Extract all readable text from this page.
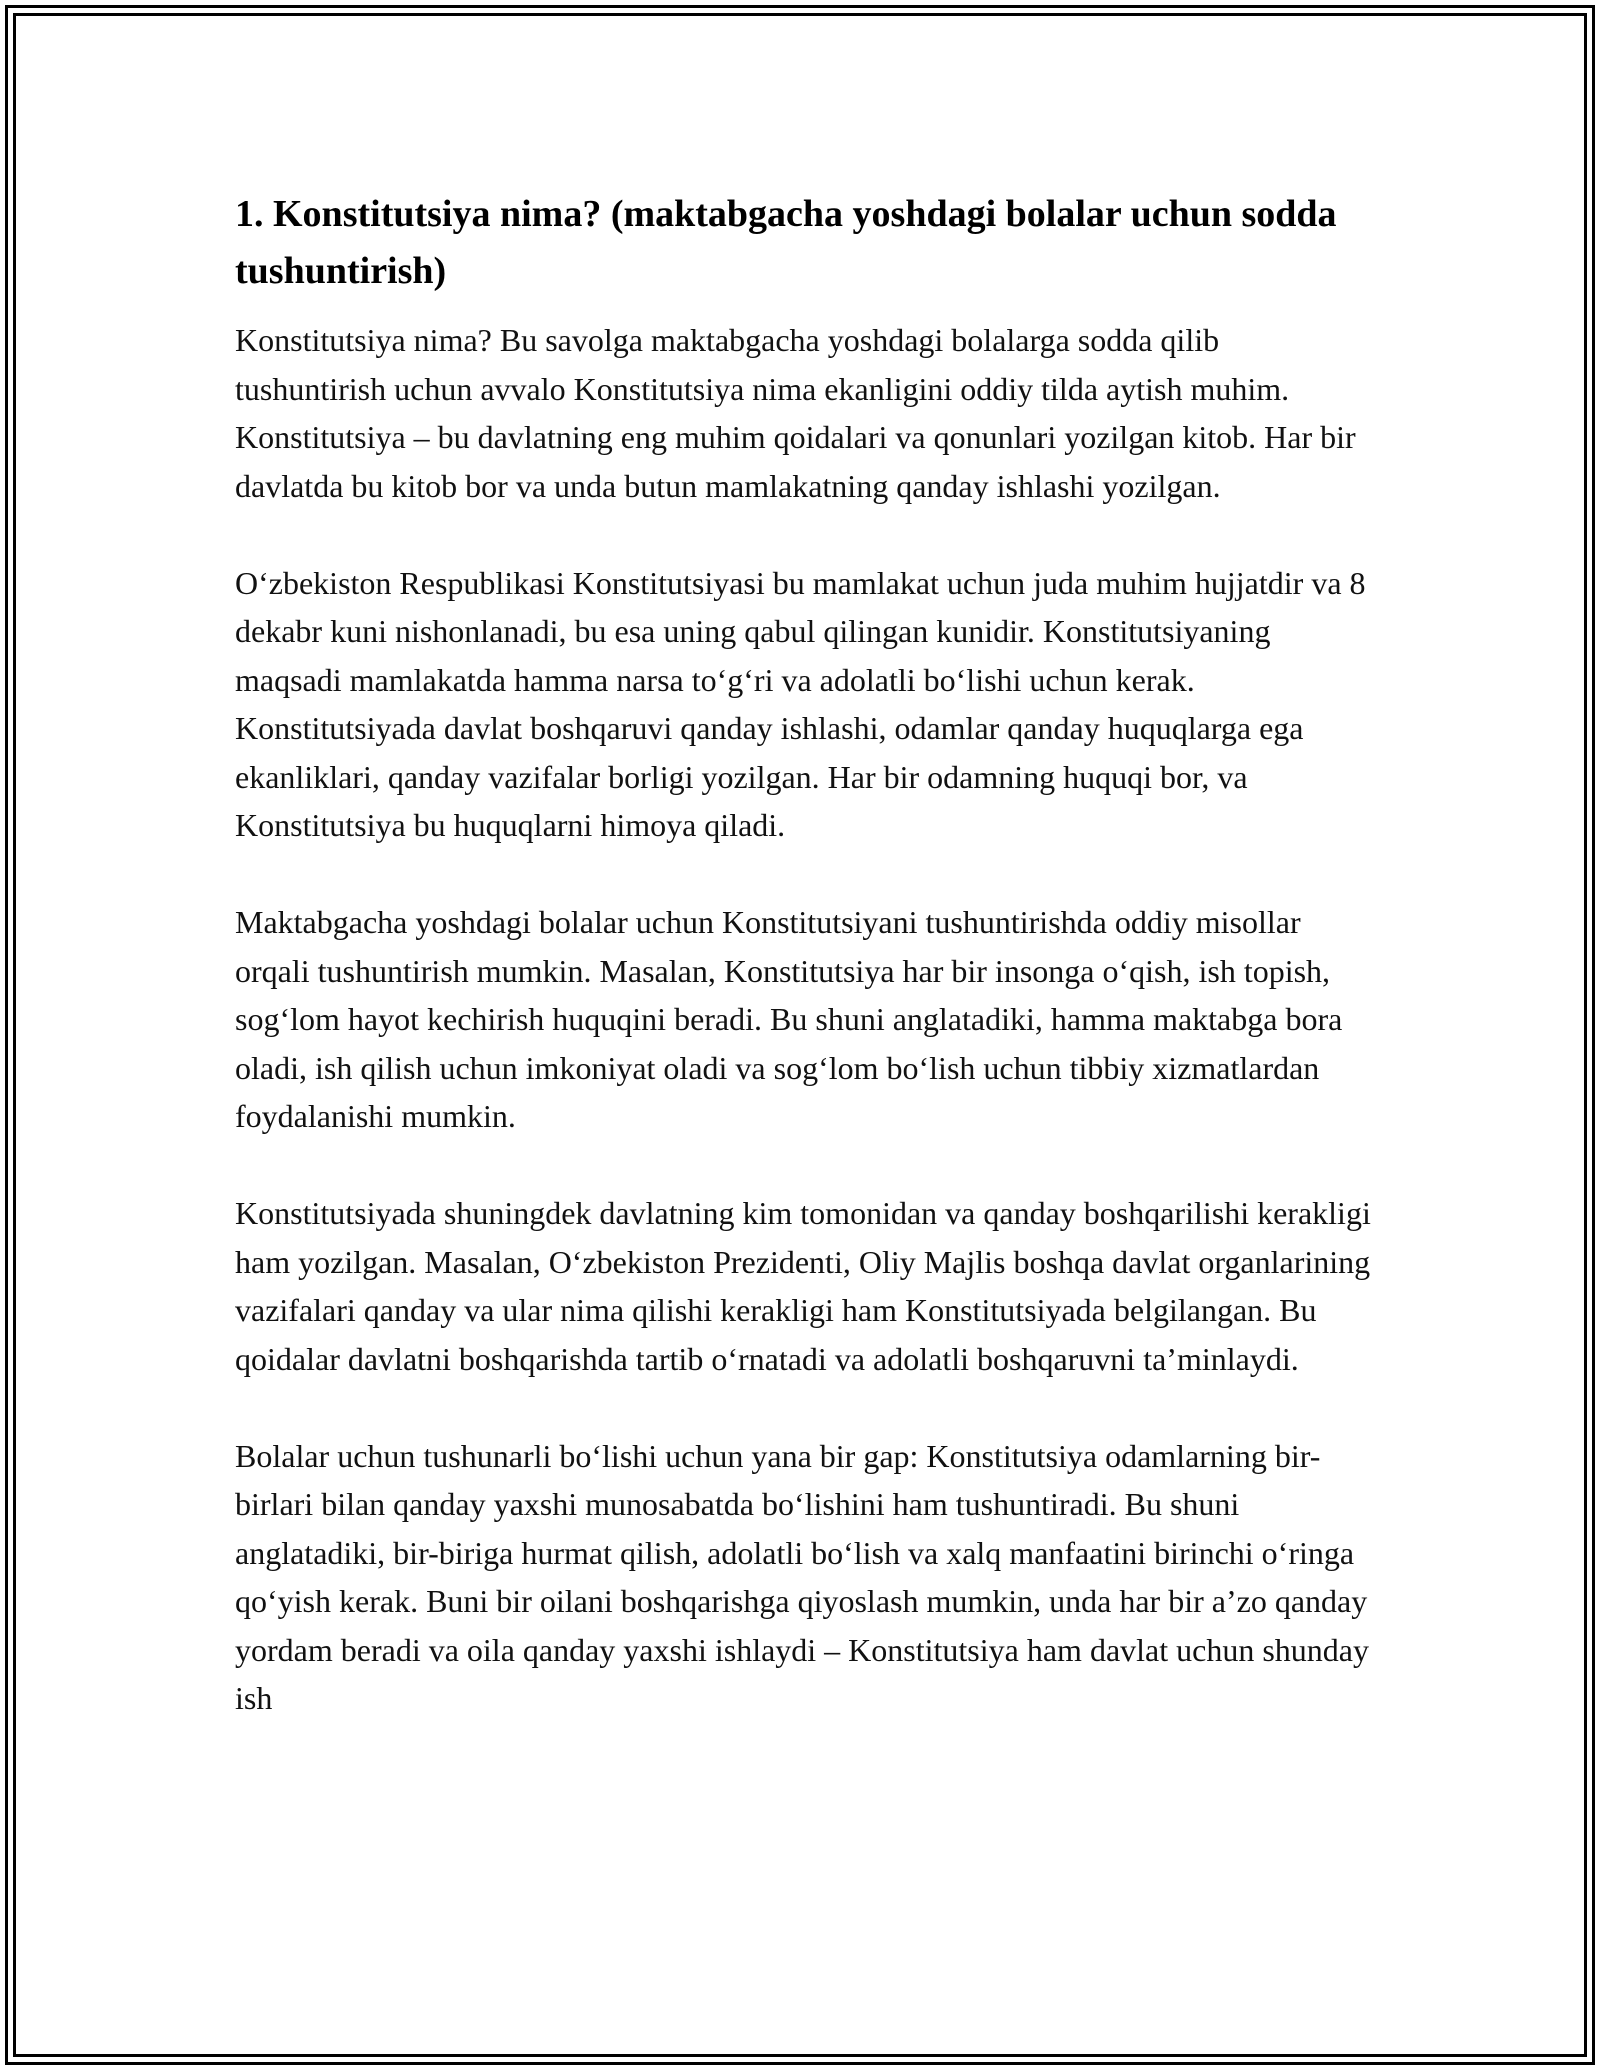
1. Konstitutsiya nima? (maktabgacha yoshdagi bolalar uchun sodda tushuntirish)

Konstitutsiya nima? Bu savolga maktabgacha yoshdagi bolalarga sodda qilib tushuntirish uchun avvalo Konstitutsiya nima ekanligini oddiy tilda aytish muhim. Konstitutsiya – bu davlatning eng muhim qoidalari va qonunlari yozilgan kitob. Har bir davlatda bu kitob bor va unda butun mamlakatning qanday ishlashi yozilgan.

O‘zbekiston Respublikasi Konstitutsiyasi bu mamlakat uchun juda muhim hujjatdir va 8 dekabr kuni nishonlanadi, bu esa uning qabul qilingan kunidir. Konstitutsiyaning maqsadi mamlakatda hamma narsa to‘g‘ri va adolatli bo‘lishi uchun kerak. Konstitutsiyada davlat boshqaruvi qanday ishlashi, odamlar qanday huquqlarga ega ekanliklari, qanday vazifalar borligi yozilgan. Har bir odamning huquqi bor, va Konstitutsiya bu huquqlarni himoya qiladi.

Maktabgacha yoshdagi bolalar uchun Konstitutsiyani tushuntirishda oddiy misollar orqali tushuntirish mumkin. Masalan, Konstitutsiya har bir insonga o‘qish, ish topish, sog‘lom hayot kechirish huquqini beradi. Bu shuni anglatadiki, hamma maktabga bora oladi, ish qilish uchun imkoniyat oladi va sog‘lom bo‘lish uchun tibbiy xizmatlardan foydalanishi mumkin.

Konstitutsiyada shuningdek davlatning kim tomonidan va qanday boshqarilishi kerakligi ham yozilgan. Masalan, O‘zbekiston Prezidenti, Oliy Majlis boshqa davlat organlarining vazifalari qanday va ular nima qilishi kerakligi ham Konstitutsiyada belgilangan. Bu qoidalar davlatni boshqarishda tartib o‘rnatadi va adolatli boshqaruvni ta’minlaydi.

Bolalar uchun tushunarli bo‘lishi uchun yana bir gap: Konstitutsiya odamlarning bir-birlari bilan qanday yaxshi munosabatda bo‘lishini ham tushuntiradi. Bu shuni anglatadiki, bir-biriga hurmat qilish, adolatli bo‘lish va xalq manfaatini birinchi o‘ringa qo‘yish kerak. Buni bir oilani boshqarishga qiyoslash mumkin, unda har bir a’zo qanday yordam beradi va oila qanday yaxshi ishlaydi – Konstitutsiya ham davlat uchun shunday ish
